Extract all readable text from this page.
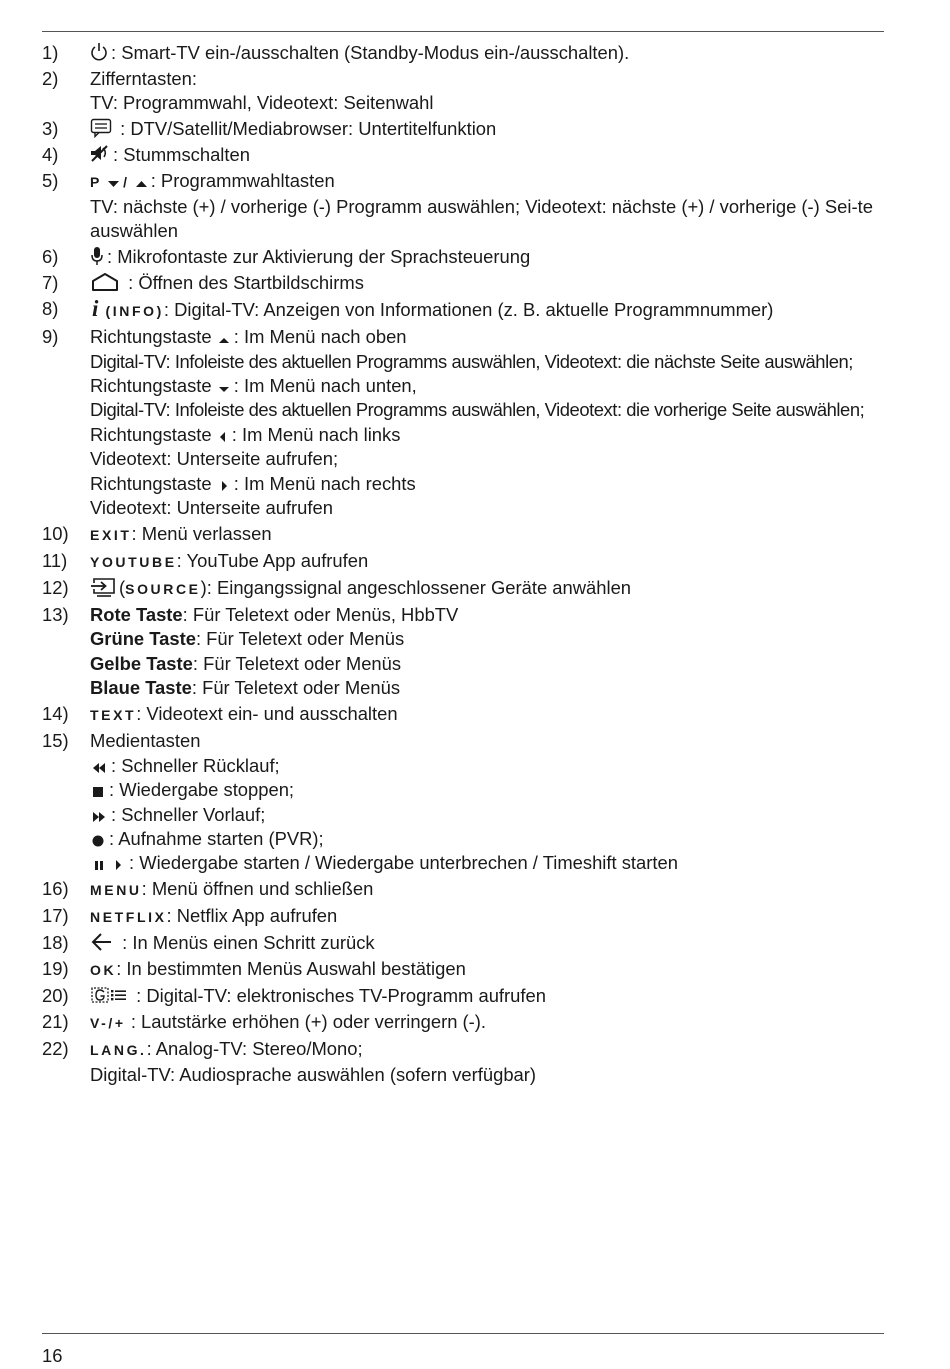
1)	: Smart-TV ein-/ausschalten (Standby-Modus ein-/ausschalten).
2)	Zifferntasten:
TV: Programmwahl, Videotext: Seitenwahl
3)	: DTV/Satellit/Mediabrowser: Untertitelfunktion
4)	: Stummschalten
5)	P / : Programmwahltasten
TV: nächste (+) / vorherige (-) Programm auswählen; Videotext: nächste (+) / vorherige (-) Sei-te auswählen
6)	: Mikrofontaste zur Aktivierung der Sprachsteuerung
7)	: Öffnen des Startbildschirms
8)	i (INFO): Digital-TV: Anzeigen von Informationen (z. B. aktuelle Programmnummer)
9)	Richtungstaste : Im Menü nach oben
Digital-TV: Infoleiste des aktuellen Programms auswählen, Videotext: die nächste Seite auswählen;
Richtungstaste : Im Menü nach unten,
Digital-TV: Infoleiste des aktuellen Programms auswählen, Videotext: die vorherige Seite auswählen;
Richtungstaste : Im Menü nach links
Videotext: Unterseite aufrufen;
Richtungstaste : Im Menü nach rechts
Videotext: Unterseite aufrufen
10)	EXIT: Menü verlassen
11)	YOUTUBE: YouTube App aufrufen
12)	(SOURCE): Eingangssignal angeschlossener Geräte anwählen
13)	Rote Taste: Für Teletext oder Menüs, HbbTV
Grüne Taste: Für Teletext oder Menüs
Gelbe Taste: Für Teletext oder Menüs
Blaue Taste: Für Teletext oder Menüs
14)	TEXT: Videotext ein- und ausschalten
15)	Medientasten
: Schneller Rücklauf;
: Wiedergabe stoppen;
: Schneller Vorlauf;
: Aufnahme starten (PVR);
: Wiedergabe starten / Wiedergabe unterbrechen / Timeshift starten
16)	MENU: Menü öffnen und schließen
17)	NETFLIX: Netflix App aufrufen
18)	: In Menüs einen Schritt zurück
19)	OK: In bestimmten Menüs Auswahl bestätigen
20)	: Digital-TV: elektronisches TV-Programm aufrufen
21)	V-/+ : Lautstärke erhöhen (+) oder verringern (-).
22)	LANG.: Analog-TV: Stereo/Mono;
Digital-TV: Audiosprache auswählen (sofern verfügbar)
16
